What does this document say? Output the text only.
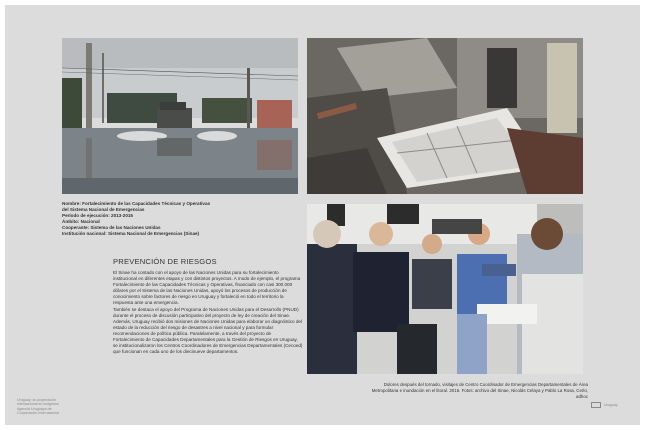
Nombre: Fortalecimiento de las Capacidades Técnicas y Operativas
del Sistema Nacional de Emergencias
Período de ejecución: 2013-2015
Ámbito: Nacional
Cooperante: Sistema de las Naciones Unidas
Institución nacional: Sistema Nacional de Emergencias (Sinae)
PREVENCIÓN DE RIESGOS

El Sinae ha contado con el apoyo de las Naciones Unidas para su fortalecimiento institucional en diferentes etapas y con distintos proyectos. A modo de ejemplo, el programa Fortalecimiento de las Capacidades Técnicas y Operativas, financiado con casi 300.000 dólares por el Sistema de las Naciones Unidas, apoyó los procesos de producción de conocimiento sobre factores de riesgo en Uruguay y fortaleció en todo el territorio la respuesta ante una emergencia.

También se destaca el apoyo del Programa de Naciones Unidas para el Desarrollo (PNUD) durante el proceso de discusión participativo del proyecto de ley de creación del Sinae. Además, Uruguay recibió dos misiones de Naciones Unidas para elaborar un diagnóstico del estado de la reducción del riesgo de desastres a nivel nacional y para formular recomendaciones de política pública. Paralelamente, a través del proyecto de Fortalecimiento de Capacidades Departamentales para la Gestión de Riesgos en Uruguay, se institucionalizaron los Centros Coordinadores de Emergencias Departamentales (Cecoed) que funcionan en cada uno de los diecinueve departamentos.

Dolores después del tornado, visitajes de Centro Coordinador de Emergencias Departamentales de Área
Metropolitana e inundación en el litoral. 2016. Fotos: archivo del Sinae, Nicolás Celaya y Pablo La Rosa, Cerlo, adhoc
Uruguay: la cooperación
internacional en imágenes
Agencia Uruguaya de
Cooperación Internacional
Uruguay
